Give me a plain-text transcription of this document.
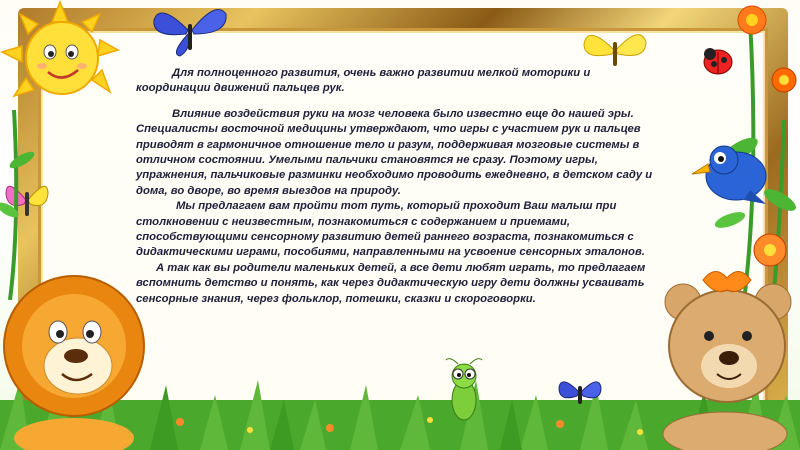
Для полноценного развития, очень важно развитии мелкой моторики и координации движений пальцев рук.

Влияние воздействия руки на мозг человека было известно еще до нашей эры. Специалисты восточной медицины утверждают, что игры с участием рук и пальцев приводят в гармоничное отношение тело и разум, поддерживая мозговые системы в отличном состоянии. Умелыми пальчики становятся не сразу. Поэтому игры, упражнения, пальчиковые разминки необходимо проводить ежедневно, в детском саду и дома, во дворе, во время выездов на природу.

Мы предлагаем вам пройти тот путь, который проходит Ваш малыш при столкновении с неизвестным, познакомиться с содержанием и приемами, способствующими сенсорному развитию детей раннего возраста, познакомиться с дидактическими играми, пособиями, направленными на усвоение сенсорных эталонов.

А так как вы родители маленьких детей, а все дети любят играть, то предлагаем вспомнить детство и понять, как через дидактическую игру дети должны усваивать сенсорные знания, через фольклор, потешки, сказки и скороговорки.
